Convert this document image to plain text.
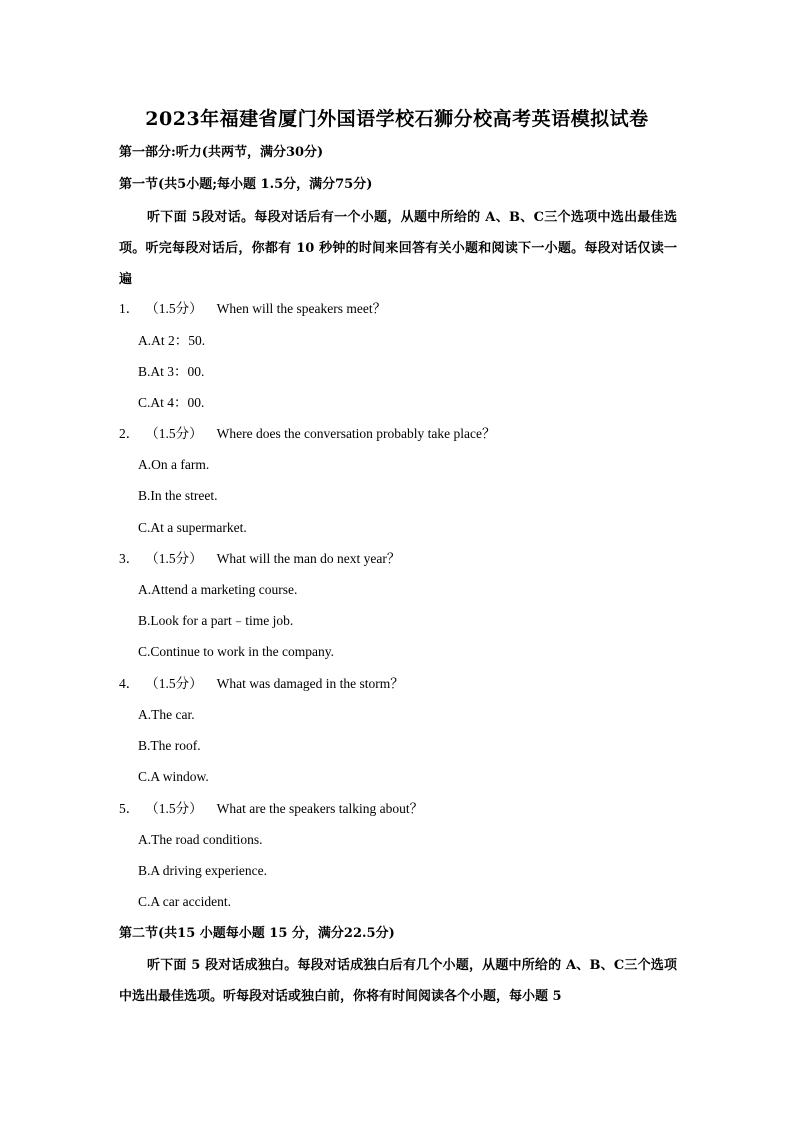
2023年福建省厦门外国语学校石狮分校高考英语模拟试卷
第一部分:听力(共两节，满分30分)
第一节(共5小题;每小题 1.5分，满分75分)
听下面 5段对话。每段对话后有一个小题，从题中所给的 A、B、C三个选项中选出最佳选项。听完每段对话后，你都有 10 秒钟的时间来回答有关小题和阅读下一小题。每段对话仅读一遍
1． （1.5分） When will the speakers meet？
A.At 2：50.
B.At 3：00.
C.At 4：00.
2． （1.5分） Where does the conversation probably take place？
A.On a farm.
B.In the street.
C.At a supermarket.
3． （1.5分） What will the man do next year？
A.Attend a marketing course.
B.Look for a part﹣time job.
C.Continue to work in the company.
4． （1.5分） What was damaged in the storm？
A.The car.
B.The roof.
C.A window.
5． （1.5分） What are the speakers talking about？
A.The road conditions.
B.A driving experience.
C.A car accident.
第二节(共15 小题每小题 15 分，满分22.5分)
听下面 5 段对话成独白。每段对话成独白后有几个小题，从题中所给的 A、B、C三个选项中选出最佳选项。听每段对话或独白前，你将有时间阅读各个小题，每小题 5
